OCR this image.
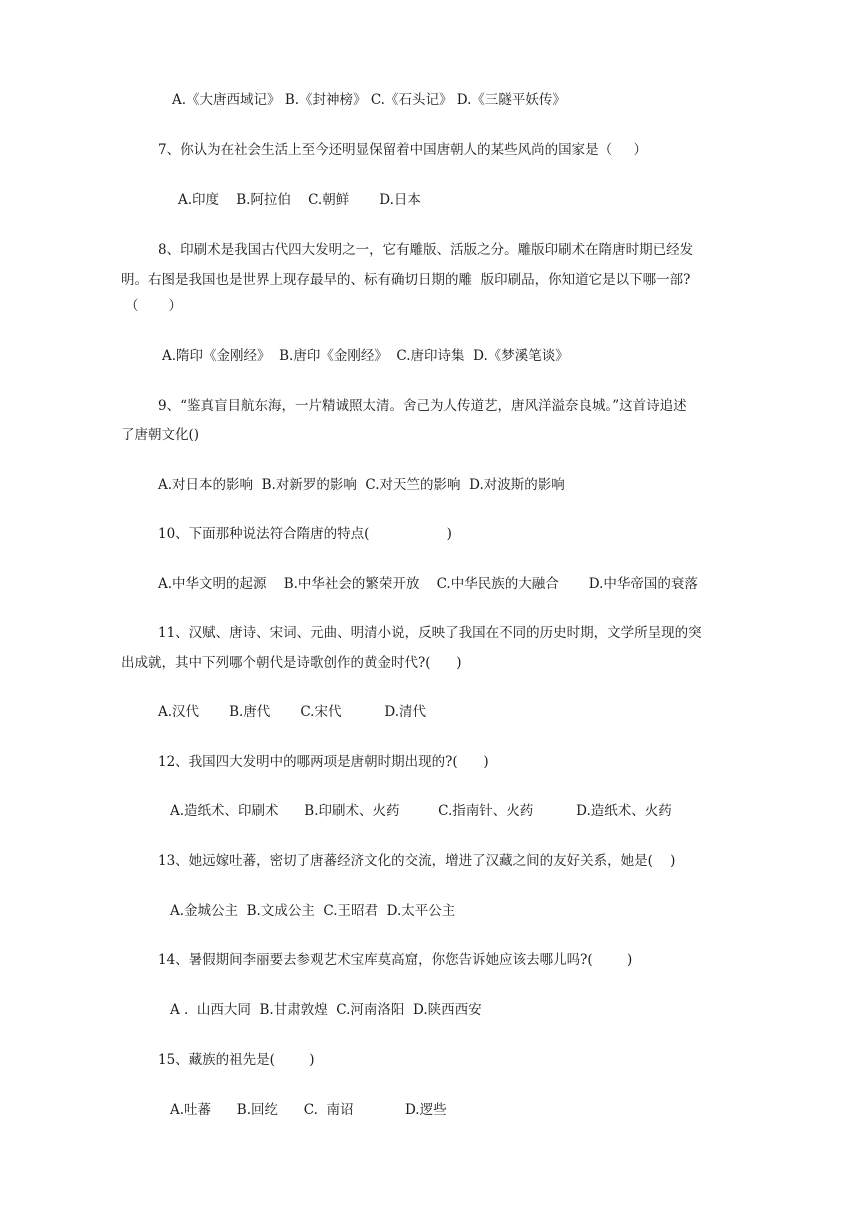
A.《大唐西域记》 B.《封神榜》 C.《石头记》 D.《三隧平妖传》
7、你认为在社会生活上至今还明显保留着中国唐朝人的某些风尚的国家是（     ）
A.印度    B.阿拉伯    C.朝鲜       D.日本
8、印刷术是我国古代四大发明之一，它有雕版、活版之分。雕版印刷术在隋唐时期已经发
明。右图是我国也是世界上现存最早的、标有确切日期的雕  版印刷品，你知道它是以下哪一部?
（       ）
A.隋印《金刚经》  B.唐印《金刚经》  C.唐印诗集  D.《梦溪笔谈》
9、“鉴真盲目航东海，一片精诚照太清。舍己为人传道艺，唐风洋溢奈良城。”这首诗追述
了唐朝文化()
A.对日本的影响  B.对新罗的影响  C.对天竺的影响  D.对波斯的影响
10、下面那种说法符合隋唐的特点(                  )
A.中华文明的起源    B.中华社会的繁荣开放    C.中华民族的大融合       D.中华帝国的衰落
11、汉赋、唐诗、宋词、元曲、明清小说，反映了我国在不同的历史时期，文学所呈现的突
出成就，其中下列哪个朝代是诗歌创作的黄金时代?(      )
A.汉代       B.唐代       C.宋代          D.清代
12、我国四大发明中的哪两项是唐朝时期出现的?(      )
A.造纸术、印刷术      B.印刷术、火药         C.指南针、火药          D.造纸术、火药
13、她远嫁吐蕃，密切了唐蕃经济文化的交流，增进了汉藏之间的友好关系，她是(    )
A.金城公主  B.文成公主  C.王昭君  D.太平公主
14、暑假期间李丽要去参观艺术宝库莫高窟，你您告诉她应该去哪儿吗?(        )
A .  山西大同  B.甘肃敦煌  C.河南洛阳  D.陕西西安
15、藏族的祖先是(        )
A.吐蕃      B.回纥      C.  南诏            D.逻些
